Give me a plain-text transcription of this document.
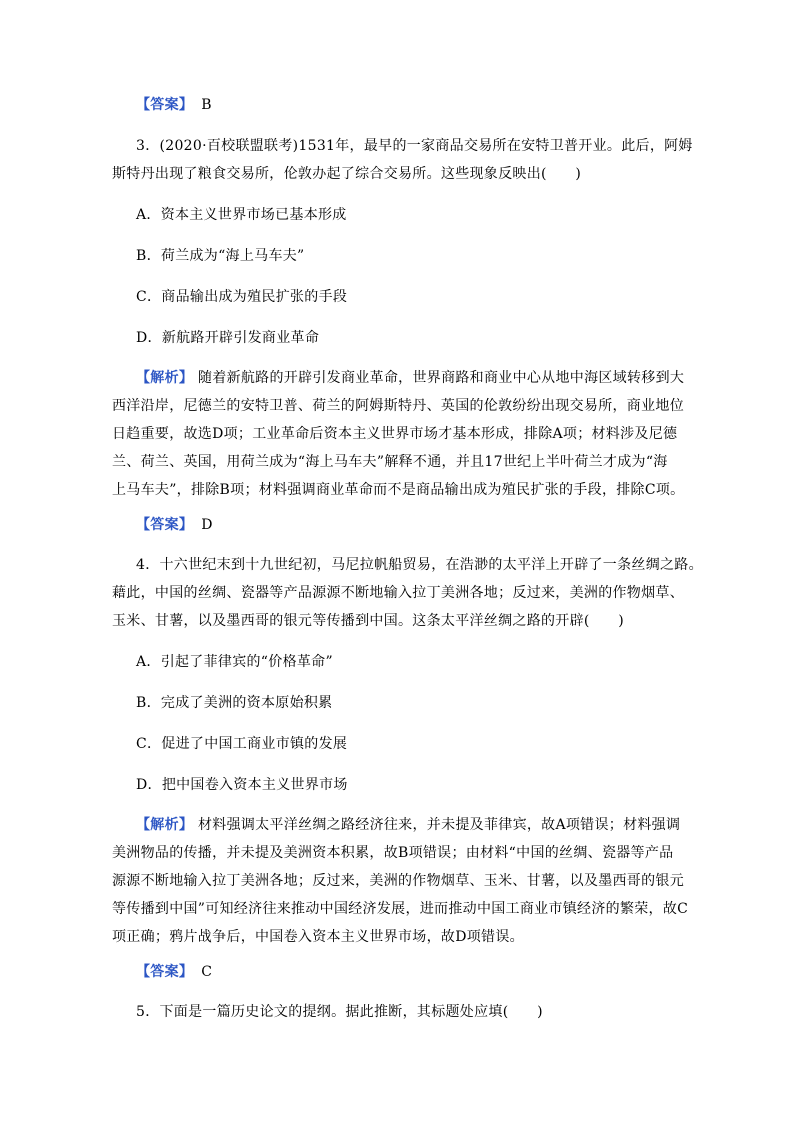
【答案】 B
3．(2020·百校联盟联考)1531年，最早的一家商品交易所在安特卫普开业。此后，阿姆
斯特丹出现了粮食交易所，伦敦办起了综合交易所。这些现象反映出(　　)
A．资本主义世界市场已基本形成
B．荷兰成为“海上马车夫”
C．商品输出成为殖民扩张的手段
D．新航路开辟引发商业革命
【解析】 随着新航路的开辟引发商业革命，世界商路和商业中心从地中海区域转移到大
西洋沿岸，尼德兰的安特卫普、荷兰的阿姆斯特丹、英国的伦敦纷纷出现交易所，商业地位
日趋重要，故选D项；工业革命后资本主义世界市场才基本形成，排除A项；材料涉及尼德
兰、荷兰、英国，用荷兰成为“海上马车夫”解释不通，并且17世纪上半叶荷兰才成为“海
上马车夫”，排除B项；材料强调商业革命而不是商品输出成为殖民扩张的手段，排除C项。
【答案】 D
4．十六世纪末到十九世纪初，马尼拉帆船贸易，在浩渺的太平洋上开辟了一条丝绸之路。
藉此，中国的丝绸、瓷器等产品源源不断地输入拉丁美洲各地；反过来，美洲的作物烟草、
玉米、甘薯，以及墨西哥的银元等传播到中国。这条太平洋丝绸之路的开辟(　　)
A．引起了菲律宾的“价格革命”
B．完成了美洲的资本原始积累
C．促进了中国工商业市镇的发展
D．把中国卷入资本主义世界市场
【解析】 材料强调太平洋丝绸之路经济往来，并未提及菲律宾，故A项错误；材料强调
美洲物品的传播，并未提及美洲资本积累，故B项错误；由材料“中国的丝绸、瓷器等产品
源源不断地输入拉丁美洲各地；反过来，美洲的作物烟草、玉米、甘薯，以及墨西哥的银元
等传播到中国”可知经济往来推动中国经济发展，进而推动中国工商业市镇经济的繁荣，故C
项正确；鸦片战争后，中国卷入资本主义世界市场，故D项错误。
【答案】 C
5．下面是一篇历史论文的提纲。据此推断，其标题处应填(　　)
